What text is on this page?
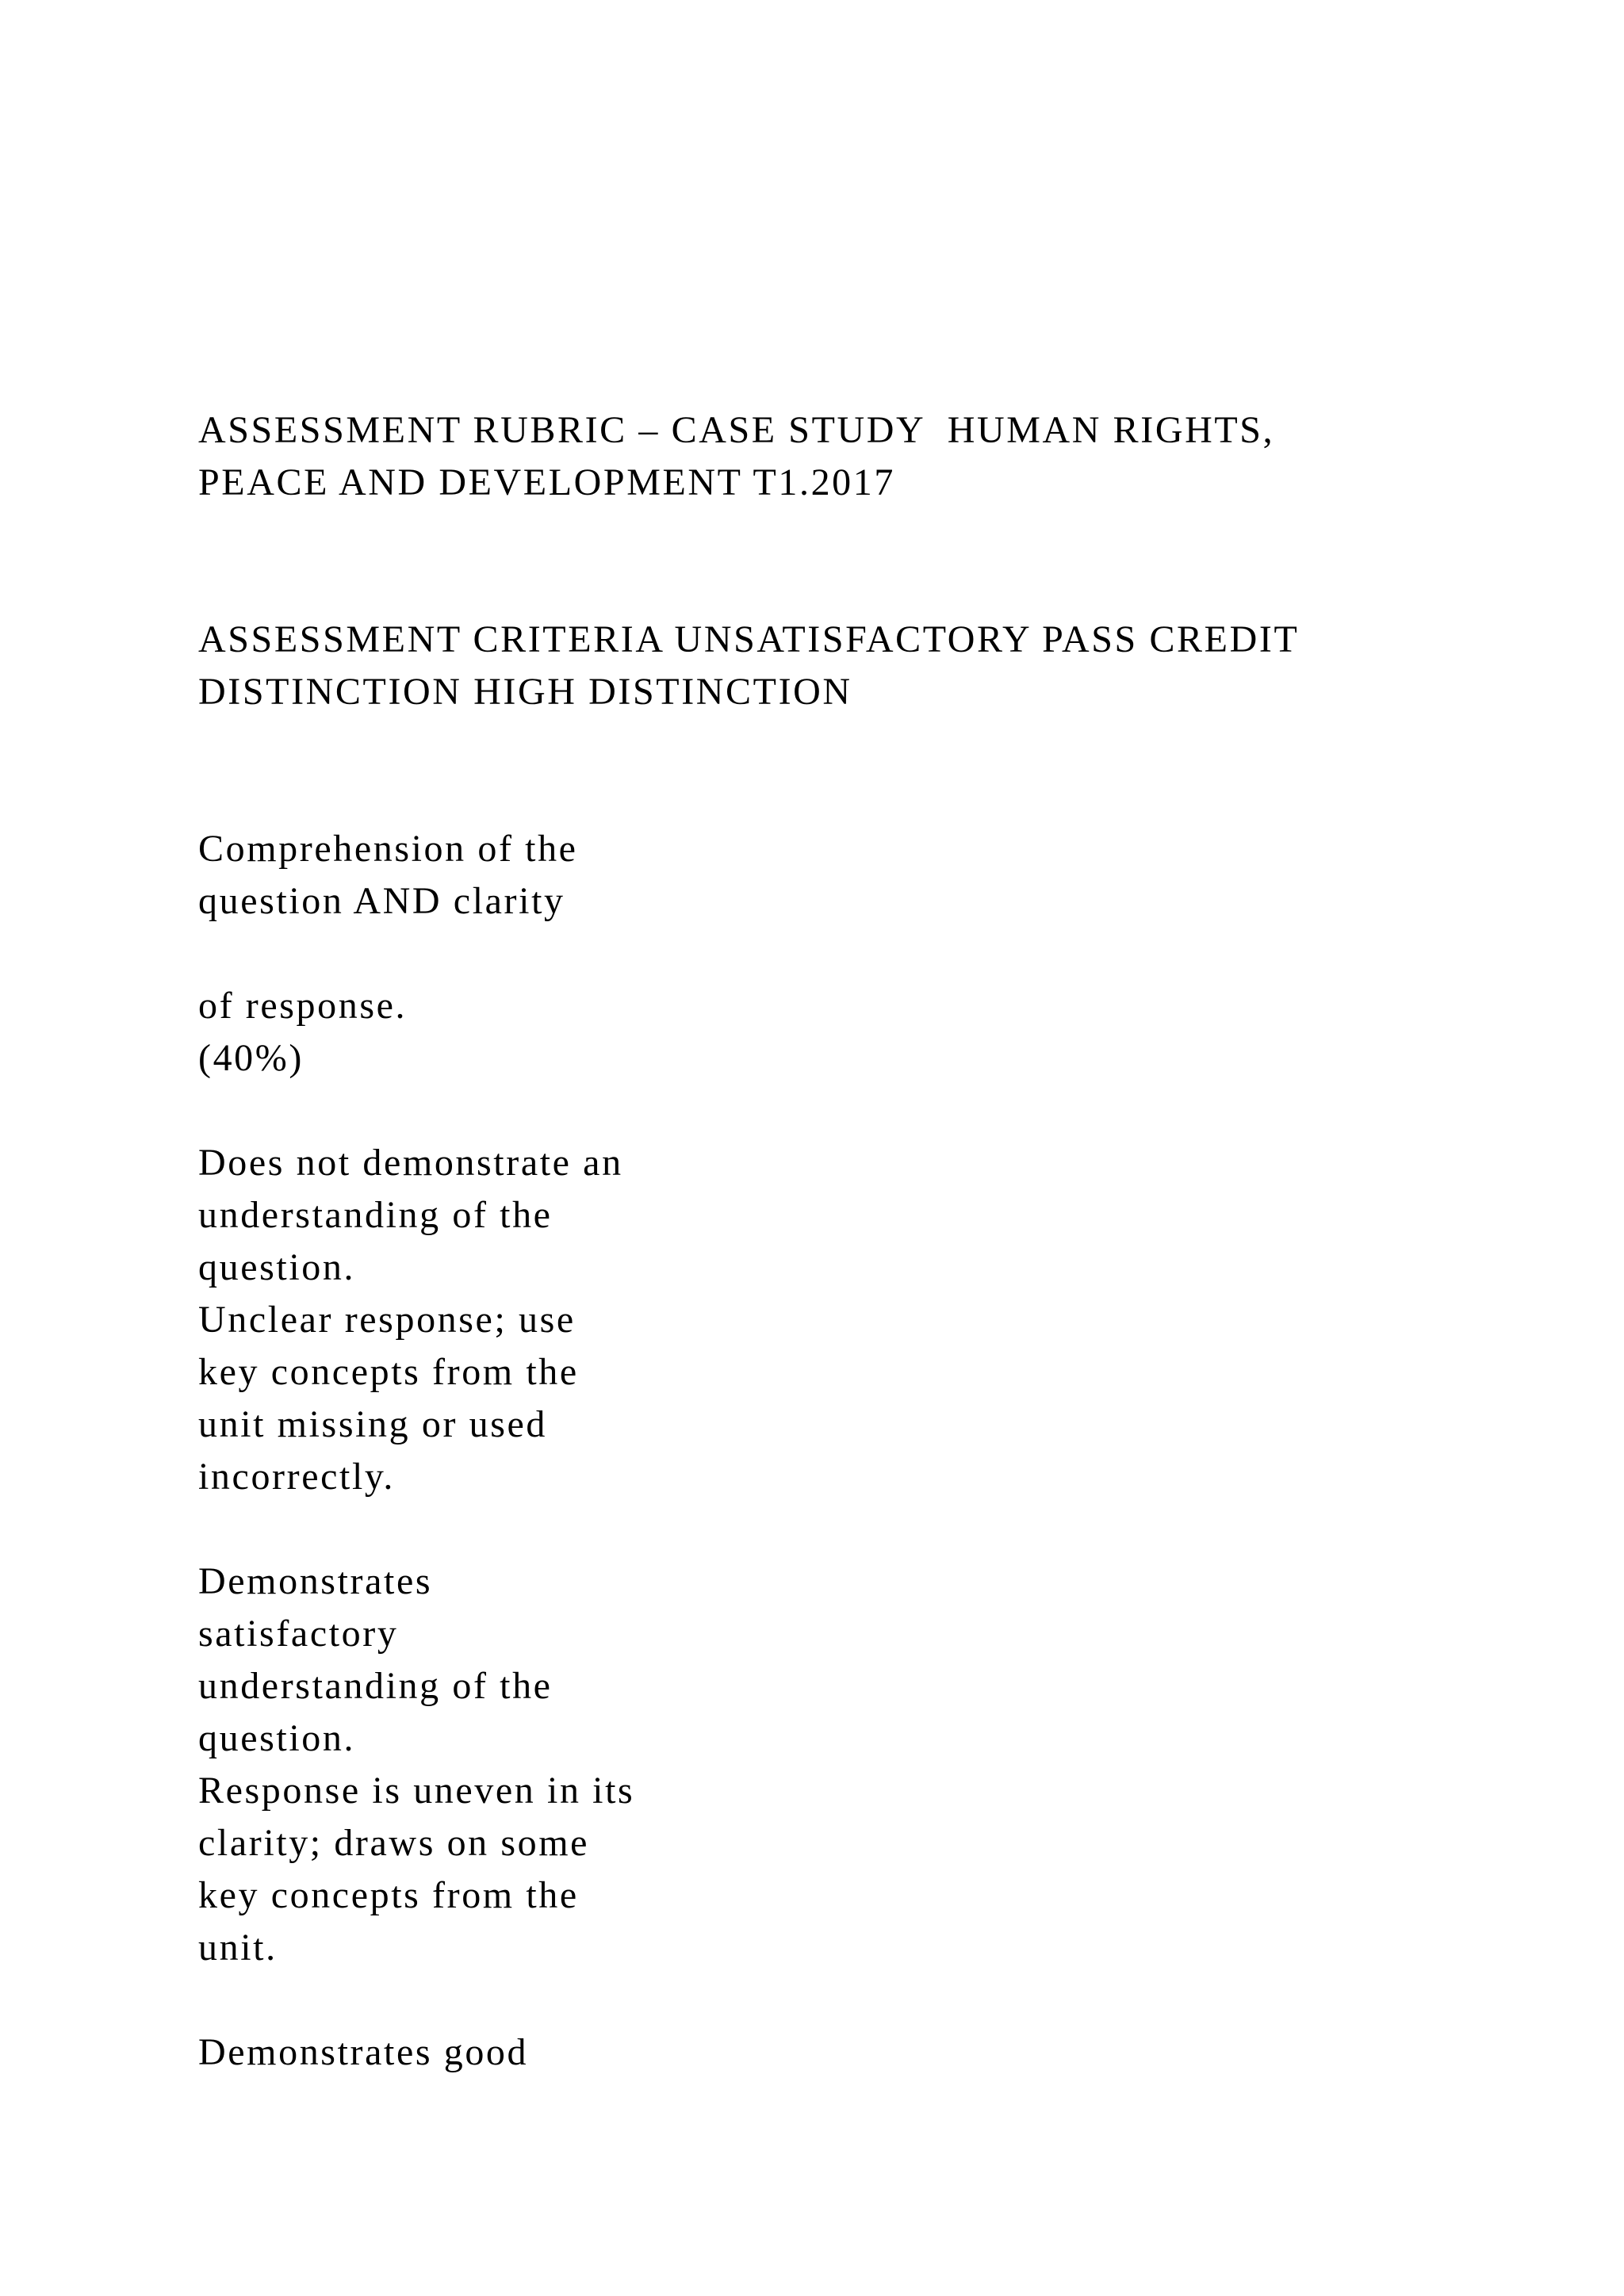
ASSESSMENT RUBRIC – CASE STUDY  HUMAN RIGHTS,

PEACE AND DEVELOPMENT T1.2017

ASSESSMENT CRITERIA UNSATISFACTORY PASS CREDIT

DISTINCTION HIGH DISTINCTION

Comprehension of the

question AND clarity

of response.

(40%)

Does not demonstrate an

understanding of the

question.

Unclear response; use

key concepts from the

unit missing or used

incorrectly.

Demonstrates

satisfactory

understanding of the

question.

Response is uneven in its

clarity; draws on some

key concepts from the

unit.

Demonstrates good
